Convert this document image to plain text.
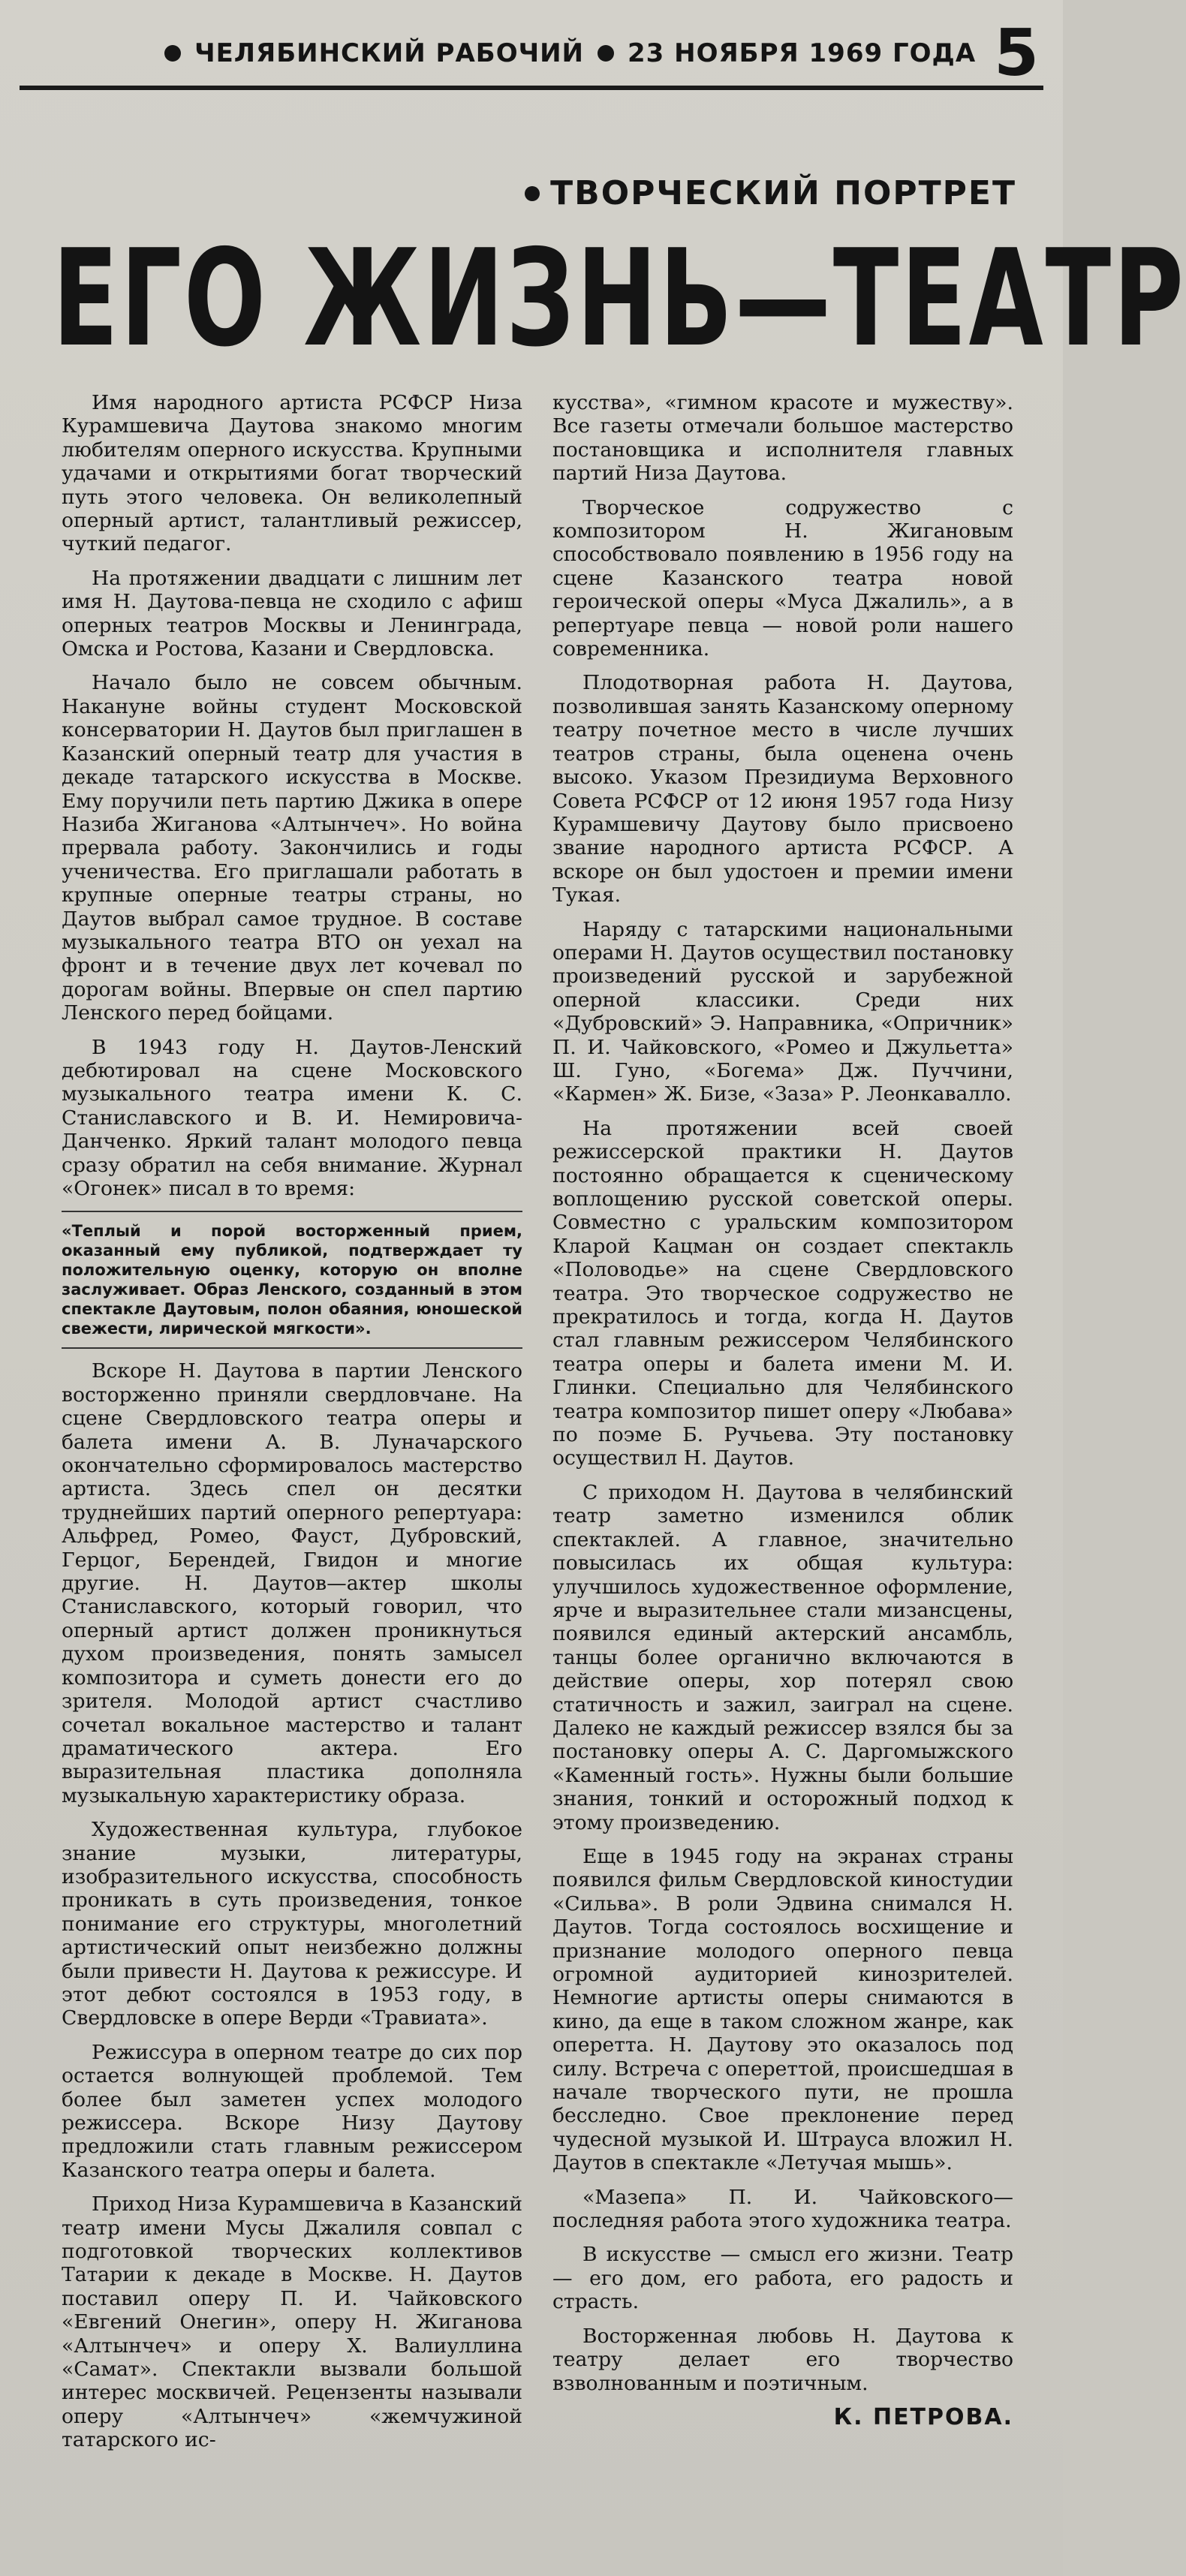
ЧЕЛЯБИНСКИЙ РАБОЧИЙ 23 НОЯБРЯ 1969 ГОДА 5
ТВОРЧЕСКИЙ ПОРТРЕТ
ЕГО ЖИЗНЬ—ТЕАТР

Имя народного артиста РСФСР Низа Курамшевича Даутова знакомо многим любителям оперного искусства. Крупными удачами и открытиями богат творческий путь этого человека. Он великолепный оперный артист, талантливый режиссер, чуткий педагог.

На протяжении двадцати с лишним лет имя Н. Даутова-певца не сходило с афиш оперных театров Москвы и Ленинграда, Омска и Ростова, Казани и Свердловска.

Начало было не совсем обычным. Накануне войны студент Московской консерватории Н. Даутов был приглашен в Казанский оперный театр для участия в декаде татарского искусства в Москве. Ему поручили петь партию Джика в опере Назиба Жиганова «Алтынчеч». Но война прервала работу. Закончились и годы ученичества. Его приглашали работать в крупные оперные театры страны, но Даутов выбрал самое трудное. В составе музыкального театра ВТО он уехал на фронт и в течение двух лет кочевал по дорогам войны. Впервые он спел партию Ленского перед бойцами.

В 1943 году Н. Даутов-Ленский дебютировал на сцене Московского музыкального театра имени К. С. Станиславского и В. И. Немировича-Данченко. Яркий талант молодого певца сразу обратил на себя внимание. Журнал «Огонек» писал в то время:

«Теплый и порой восторженный прием, оказанный ему публикой, подтверждает ту положительную оценку, которую он вполне заслуживает. Образ Ленского, созданный в этом спектакле Даутовым, полон обаяния, юношеской свежести, лирической мягкости».

Вскоре Н. Даутова в партии Ленского восторженно приняли свердловчане. На сцене Свердловского театра оперы и балета имени А. В. Луначарского окончательно сформировалось мастерство артиста. Здесь спел он десятки труднейших партий оперного репертуара: Альфред, Ромео, Фауст, Дубровский, Герцог, Берендей, Гвидон и многие другие. Н. Даутов—актер школы Станиславского, который говорил, что оперный артист должен проникнуться духом произведения, понять замысел композитора и суметь донести его до зрителя. Молодой артист счастливо сочетал вокальное мастерство и талант драматического актера. Его выразительная пластика дополняла музыкальную характеристику образа.

Художественная культура, глубокое знание музыки, литературы, изобразительного искусства, способность проникать в суть произведения, тонкое понимание его структуры, многолетний артистический опыт неизбежно должны были привести Н. Даутова к режиссуре. И этот дебют состоялся в 1953 году, в Свердловске в опере Верди «Травиата».

Режиссура в оперном театре до сих пор остается волнующей проблемой. Тем более был заметен успех молодого режиссера. Вскоре Низу Даутову предложили стать главным режиссером Казанского театра оперы и балета.

Приход Низа Курамшевича в Казанский театр имени Мусы Джалиля совпал с подготовкой творческих коллективов Татарии к декаде в Москве. Н. Даутов поставил оперу П. И. Чайковского «Евгений Онегин», оперу Н. Жиганова «Алтынчеч» и оперу Х. Валиуллина «Самат». Спектакли вызвали большой интерес москвичей. Рецензенты называли оперу «Алтынчеч» «жемчужиной татарского ис-

кусства», «гимном красоте и мужеству». Все газеты отмечали большое мастерство постановщика и исполнителя главных партий Низа Даутова.

Творческое содружество с композитором Н. Жигановым способствовало появлению в 1956 году на сцене Казанского театра новой героической оперы «Муса Джалиль», а в репертуаре певца — новой роли нашего современника.

Плодотворная работа Н. Даутова, позволившая занять Казанскому оперному театру почетное место в числе лучших театров страны, была оценена очень высоко. Указом Президиума Верховного Совета РСФСР от 12 июня 1957 года Низу Курамшевичу Даутову было присвоено звание народного артиста РСФСР. А вскоре он был удостоен и премии имени Тукая.

Наряду с татарскими национальными операми Н. Даутов осуществил постановку произведений русской и зарубежной оперной классики. Среди них «Дубровский» Э. Направника, «Опричник» П. И. Чайковского, «Ромео и Джульетта» Ш. Гуно, «Богема» Дж. Пуччини, «Кармен» Ж. Бизе, «Заза» Р. Леонкавалло.

На протяжении всей своей режиссерской практики Н. Даутов постоянно обращается к сценическому воплощению русской советской оперы. Совместно с уральским композитором Кларой Кацман он создает спектакль «Половодье» на сцене Свердловского театра. Это творческое содружество не прекратилось и тогда, когда Н. Даутов стал главным режиссером Челябинского театра оперы и балета имени М. И. Глинки. Специально для Челябинского театра композитор пишет оперу «Любава» по поэме Б. Ручьева. Эту постановку осуществил Н. Даутов.

С приходом Н. Даутова в челябинский театр заметно изменился облик спектаклей. А главное, значительно повысилась их общая культура: улучшилось художественное оформление, ярче и выразительнее стали мизансцены, появился единый актерский ансамбль, танцы более органично включаются в действие оперы, хор потерял свою статичность и зажил, заиграл на сцене. Далеко не каждый режиссер взялся бы за постановку оперы А. С. Даргомыжского «Каменный гость». Нужны были большие знания, тонкий и осторожный подход к этому произведению.

Еще в 1945 году на экранах страны появился фильм Свердловской киностудии «Сильва». В роли Эдвина снимался Н. Даутов. Тогда состоялось восхищение и признание молодого оперного певца огромной аудиторией кинозрителей. Немногие артисты оперы снимаются в кино, да еще в таком сложном жанре, как оперетта. Н. Даутову это оказалось под силу. Встреча с опереттой, происшедшая в начале творческого пути, не прошла бесследно. Свое преклонение перед чудесной музыкой И. Штрауса вложил Н. Даутов в спектакле «Летучая мышь».

«Мазепа» П. И. Чайковского—последняя работа этого художника театра.

В искусстве — смысл его жизни. Театр — его дом, его работа, его радость и страсть.

Восторженная любовь Н. Даутова к театру делает его творчество взволнованным и поэтичным.

К. ПЕТРОВА.
